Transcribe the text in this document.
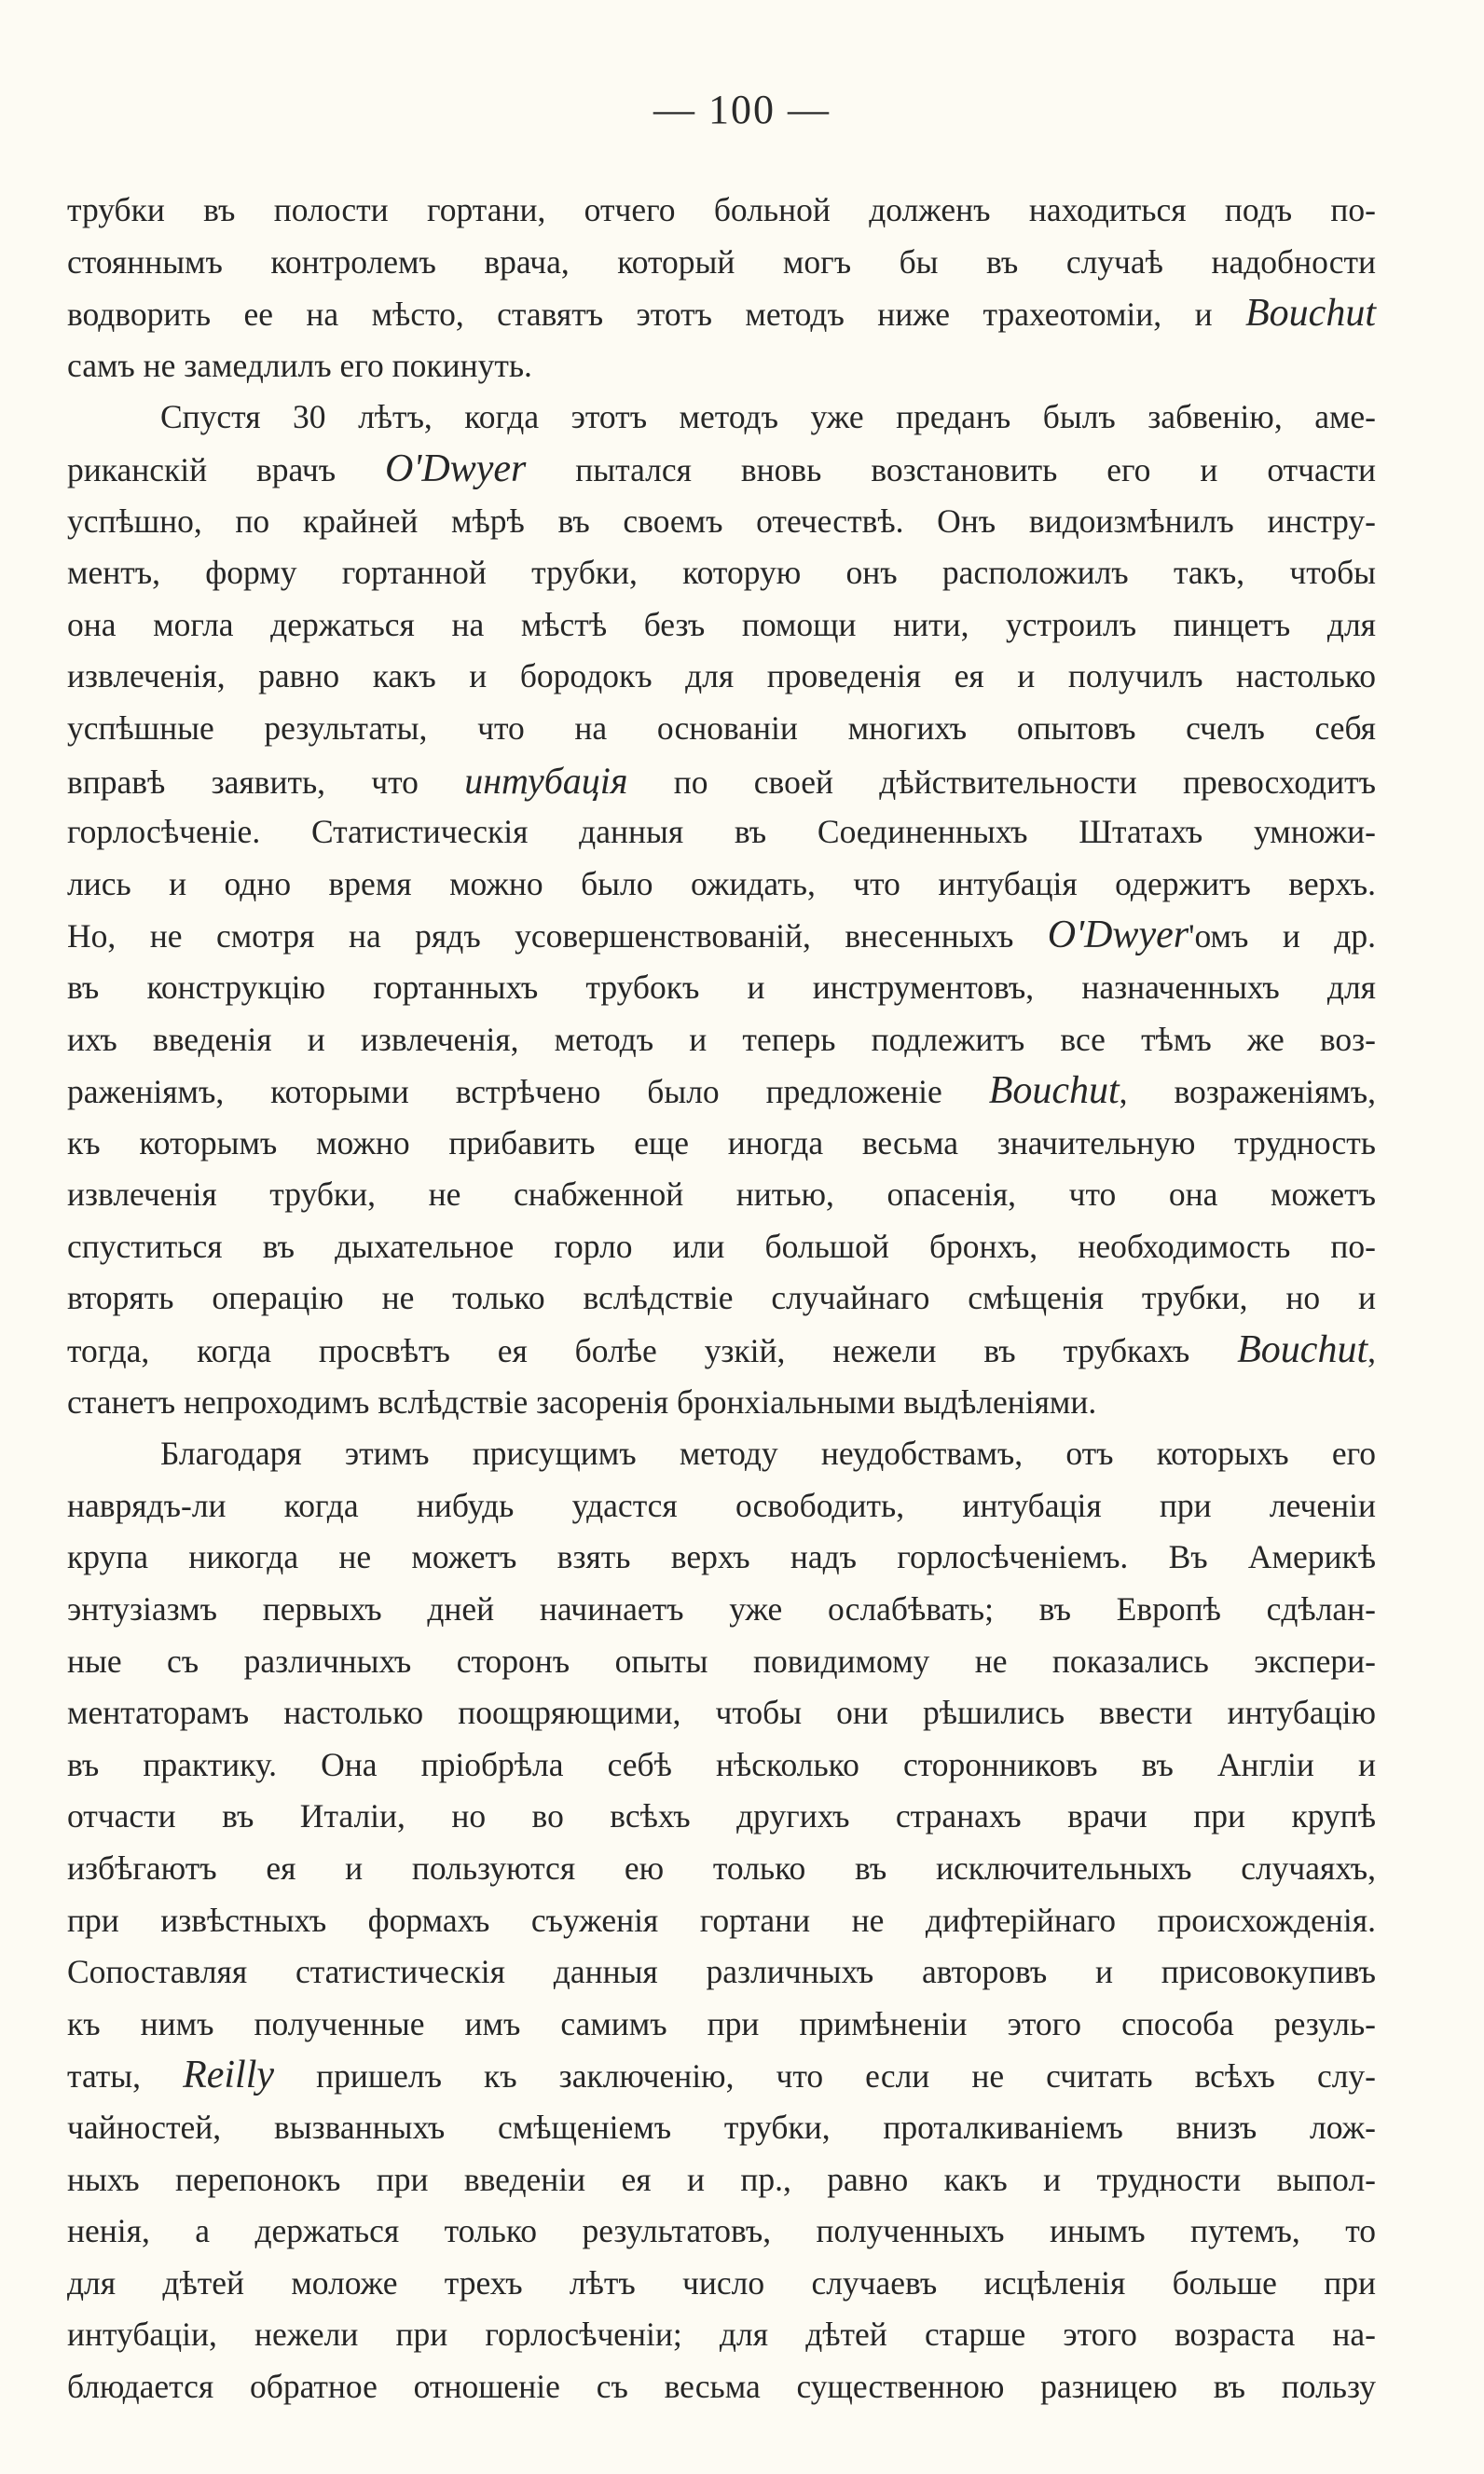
— 100 —
трубки въ полости гортани, отчего больной долженъ находиться подъ по-
стояннымъ контролемъ врача, который могъ бы въ случаѣ надобности
водворить ее на мѣсто, ставятъ этотъ методъ ниже трахеотоміи, и Bouchut
самъ не замедлилъ его покинуть.
Спустя 30 лѣтъ, когда этотъ методъ уже преданъ былъ забвенію, аме-
риканскій врачъ O'Dwyer пытался вновь возстановить его и отчасти
успѣшно, по крайней мѣрѣ въ своемъ отечествѣ. Онъ видоизмѣнилъ инстру-
ментъ, форму гортанной трубки, которую онъ расположилъ такъ, чтобы
она могла держаться на мѣстѣ безъ помощи нити, устроилъ пинцетъ для
извлеченія, равно какъ и бородокъ для проведенія ея и получилъ настолько
успѣшные результаты, что на основаніи многихъ опытовъ счелъ себя
вправѣ заявить, что интубація по своей дѣйствительности превосходитъ
горлосѣченіе. Статистическія данныя въ Соединенныхъ Штатахъ умножи-
лись и одно время можно было ожидать, что интубація одержитъ верхъ.
Но, не смотря на рядъ усовершенствованій, внесенныхъ O'Dwyer'омъ и др.
въ конструкцію гортанныхъ трубокъ и инструментовъ, назначенныхъ для
ихъ введенія и извлеченія, методъ и теперь подлежитъ все тѣмъ же воз-
раженіямъ, которыми встрѣчено было предложеніе Bouchut, возраженіямъ,
къ которымъ можно прибавить еще иногда весьма значительную трудность
извлеченія трубки, не снабженной нитью, опасенія, что она можетъ
спуститься въ дыхательное горло или большой бронхъ, необходимость по-
вторять операцію не только вслѣдствіе случайнаго смѣщенія трубки, но и
тогда, когда просвѣтъ ея болѣе узкій, нежели въ трубкахъ Bouchut,
станетъ непроходимъ вслѣдствіе засоренія бронхіальными выдѣленіями.
Благодаря этимъ присущимъ методу неудобствамъ, отъ которыхъ его
наврядъ-ли когда нибудь удастся освободить, интубація при леченіи
крупа никогда не можетъ взять верхъ надъ горлосѣченіемъ. Въ Америкѣ
энтузіазмъ первыхъ дней начинаетъ уже ослабѣвать; въ Европѣ сдѣлан-
ные съ различныхъ сторонъ опыты повидимому не показались экспери-
ментаторамъ настолько поощряющими, чтобы они рѣшились ввести интубацію
въ практику. Она пріобрѣла себѣ нѣсколько сторонниковъ въ Англіи и
отчасти въ Италіи, но во всѣхъ другихъ странахъ врачи при крупѣ
избѣгаютъ ея и пользуются ею только въ исключительныхъ случаяхъ,
при извѣстныхъ формахъ съуженія гортани не дифтерійнаго происхожденія.
Сопоставляя статистическія данныя различныхъ авторовъ и присовокупивъ
къ нимъ полученные имъ самимъ при примѣненіи этого способа резуль-
таты, Reilly пришелъ къ заключенію, что если не считать всѣхъ слу-
чайностей, вызванныхъ смѣщеніемъ трубки, проталкиваніемъ внизъ лож-
ныхъ перепонокъ при введеніи ея и пр., равно какъ и трудности выпол-
ненія, а держаться только результатовъ, полученныхъ инымъ путемъ, то
для дѣтей моложе трехъ лѣтъ число случаевъ исцѣленія больше при
интубаціи, нежели при горлосѣченіи; для дѣтей старше этого возраста на-
блюдается обратное отношеніе съ весьма существенною разницею въ пользу
